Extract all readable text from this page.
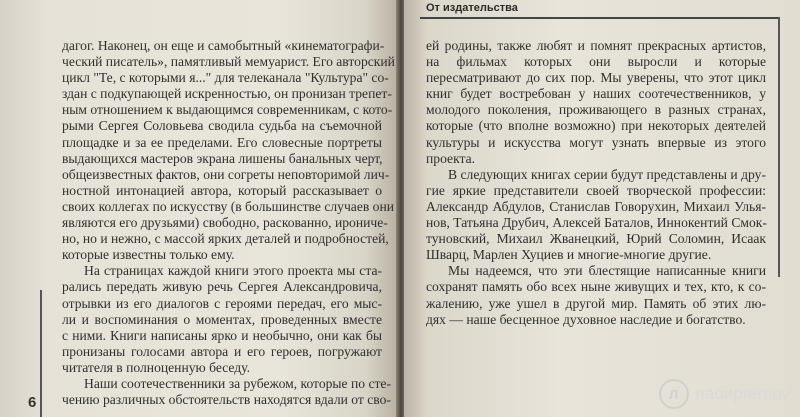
дагог. Наконец, он еще и самобытный «кинематографи-
ческий писатель», памятливый мемуарист. Его авторский
цикл "Те, с которыми я..." для телеканала "Культура" со-
здан с подкупающей искренностью, он пронизан трепет-
ным отношением к выдающимся современникам, с кото-
рыми Сергея Соловьева сводила судьба на съемочной
площадке и за ее пределами. Его словесные портреты
выдающихся мастеров экрана лишены банальных черт,
общеизвестных фактов, они согреты неповторимой лич-
ностной интонацией автора, который рассказывает о
своих коллегах по искусству (в большинстве случаев они
являются его друзьями) свободно, раскованно, ирониче-
но, но и нежно, с массой ярких деталей и подробностей,
которые известны только ему.
На страницах каждой книги этого проекта мы ста-
рались передать живую речь Сергея Александровича,
отрывки из его диалогов с героями передач, его мыс-
ли и воспоминания о моментах, проведенных вместе
с ними. Книги написаны ярко и необычно, они как бы
пронизаны голосами автора и его героев, погружают
читателя в полноценную беседу.
Наши соотечественники за рубежом, которые по сте-
чению различных обстоятельств находятся вдали от сво-
6
От издательства
ей родины, также любят и помнят прекрасных артистов,
на фильмах которых они выросли и которые
пересматривают до сих пор. Мы уверены, что этот цикл
книг будет востребован у наших соотечественников, у
молодого поколения, проживающего в разных странах,
которые (что вполне возможно) при некоторых деятелей
культуры и искусства могут узнать впервые из этого
проекта.
В следующих книгах серии будут представлены и дру-
гие яркие представители своей творческой профессии:
Александр Абдулов, Станислав Говорухин, Михаил Улья-
нов, Татьяна Друбич, Алексей Баталов, Иннокентий Смок-
туновский, Михаил Жванецкий, Юрий Соломин, Исаак
Шварц, Марлен Хуциев и многие-многие другие.
Мы надеемся, что эти блестящие написанные книги
сохранят память обо всех ныне живущих и тех, кто, к со-
жалению, уже ушел в другой мир. Память об этих лю-
дях — наше бесценное духовное наследие и богатство.
Л лабиринт.ру
